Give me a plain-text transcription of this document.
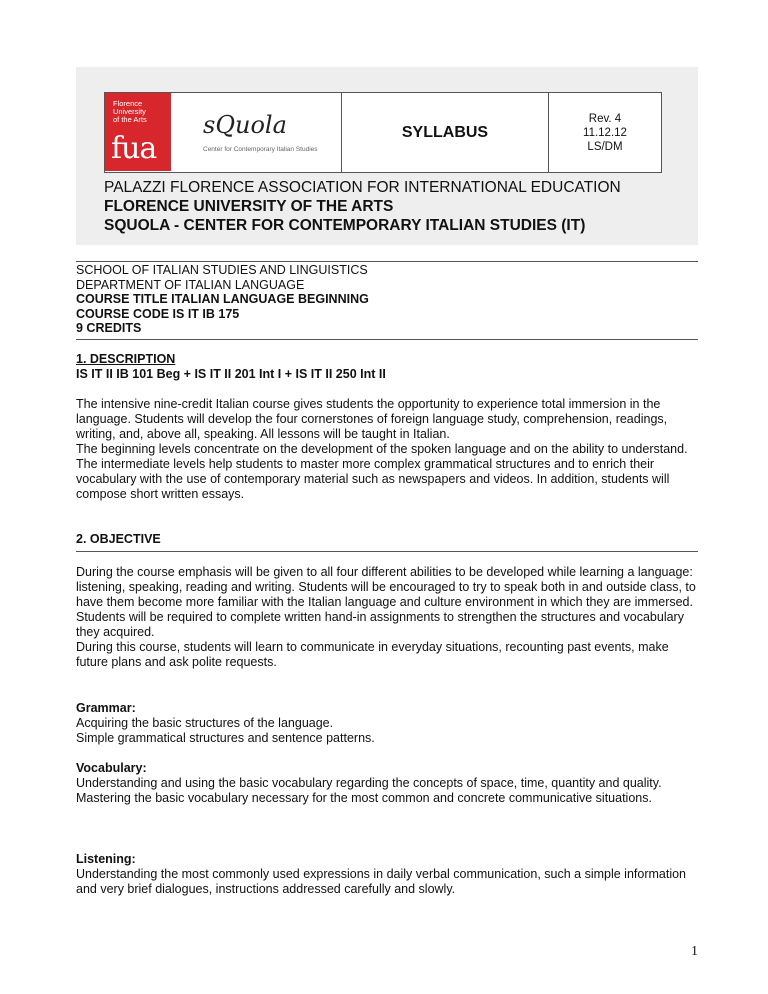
Florence University of the Arts
fua
sQuola
Center for Contemporary Italian Studies
SYLLABUS
Rev. 4
11.12.12
LS/DM
PALAZZI FLORENCE ASSOCIATION FOR INTERNATIONAL EDUCATION
FLORENCE UNIVERSITY OF THE ARTS
SQUOLA - CENTER FOR CONTEMPORARY ITALIAN STUDIES (IT)
SCHOOL OF ITALIAN STUDIES AND LINGUISTICS
DEPARTMENT OF ITALIAN LANGUAGE
COURSE TITLE ITALIAN LANGUAGE BEGINNING
COURSE CODE IS IT IB 175
9 CREDITS
1. DESCRIPTION
IS IT II IB 101 Beg + IS IT II 201 Int I + IS IT II 250 Int II

The intensive nine-credit Italian course gives students the opportunity to experience total immersion in the language. Students will develop the four cornerstones of foreign language study, comprehension, readings, writing, and, above all, speaking. All lessons will be taught in Italian.

The beginning levels concentrate on the development of the spoken language and on the ability to understand.

The intermediate levels help students to master more complex grammatical structures and to enrich their vocabulary with the use of contemporary material such as newspapers and videos. In addition, students will compose short written essays.

2. OBJECTIVE

During the course emphasis will be given to all four different abilities to be developed while learning a language: listening, speaking, reading and writing. Students will be encouraged to try to speak both in and outside class, to have them become more familiar with the Italian language and culture environment in which they are immersed.

Students will be required to complete written hand-in assignments to strengthen the structures and vocabulary they acquired.

During this course, students will learn to communicate in everyday situations, recounting past events, make future plans and ask polite requests.

Grammar:

Acquiring the basic structures of the language.

Simple grammatical structures and sentence patterns.

Vocabulary:

Understanding and using the basic vocabulary regarding the concepts of space, time, quantity and quality.

Mastering the basic vocabulary necessary for the most common and concrete communicative situations.

Listening:

Understanding the most commonly used expressions in daily verbal communication, such a simple information and very brief dialogues, instructions addressed carefully and slowly.

1
